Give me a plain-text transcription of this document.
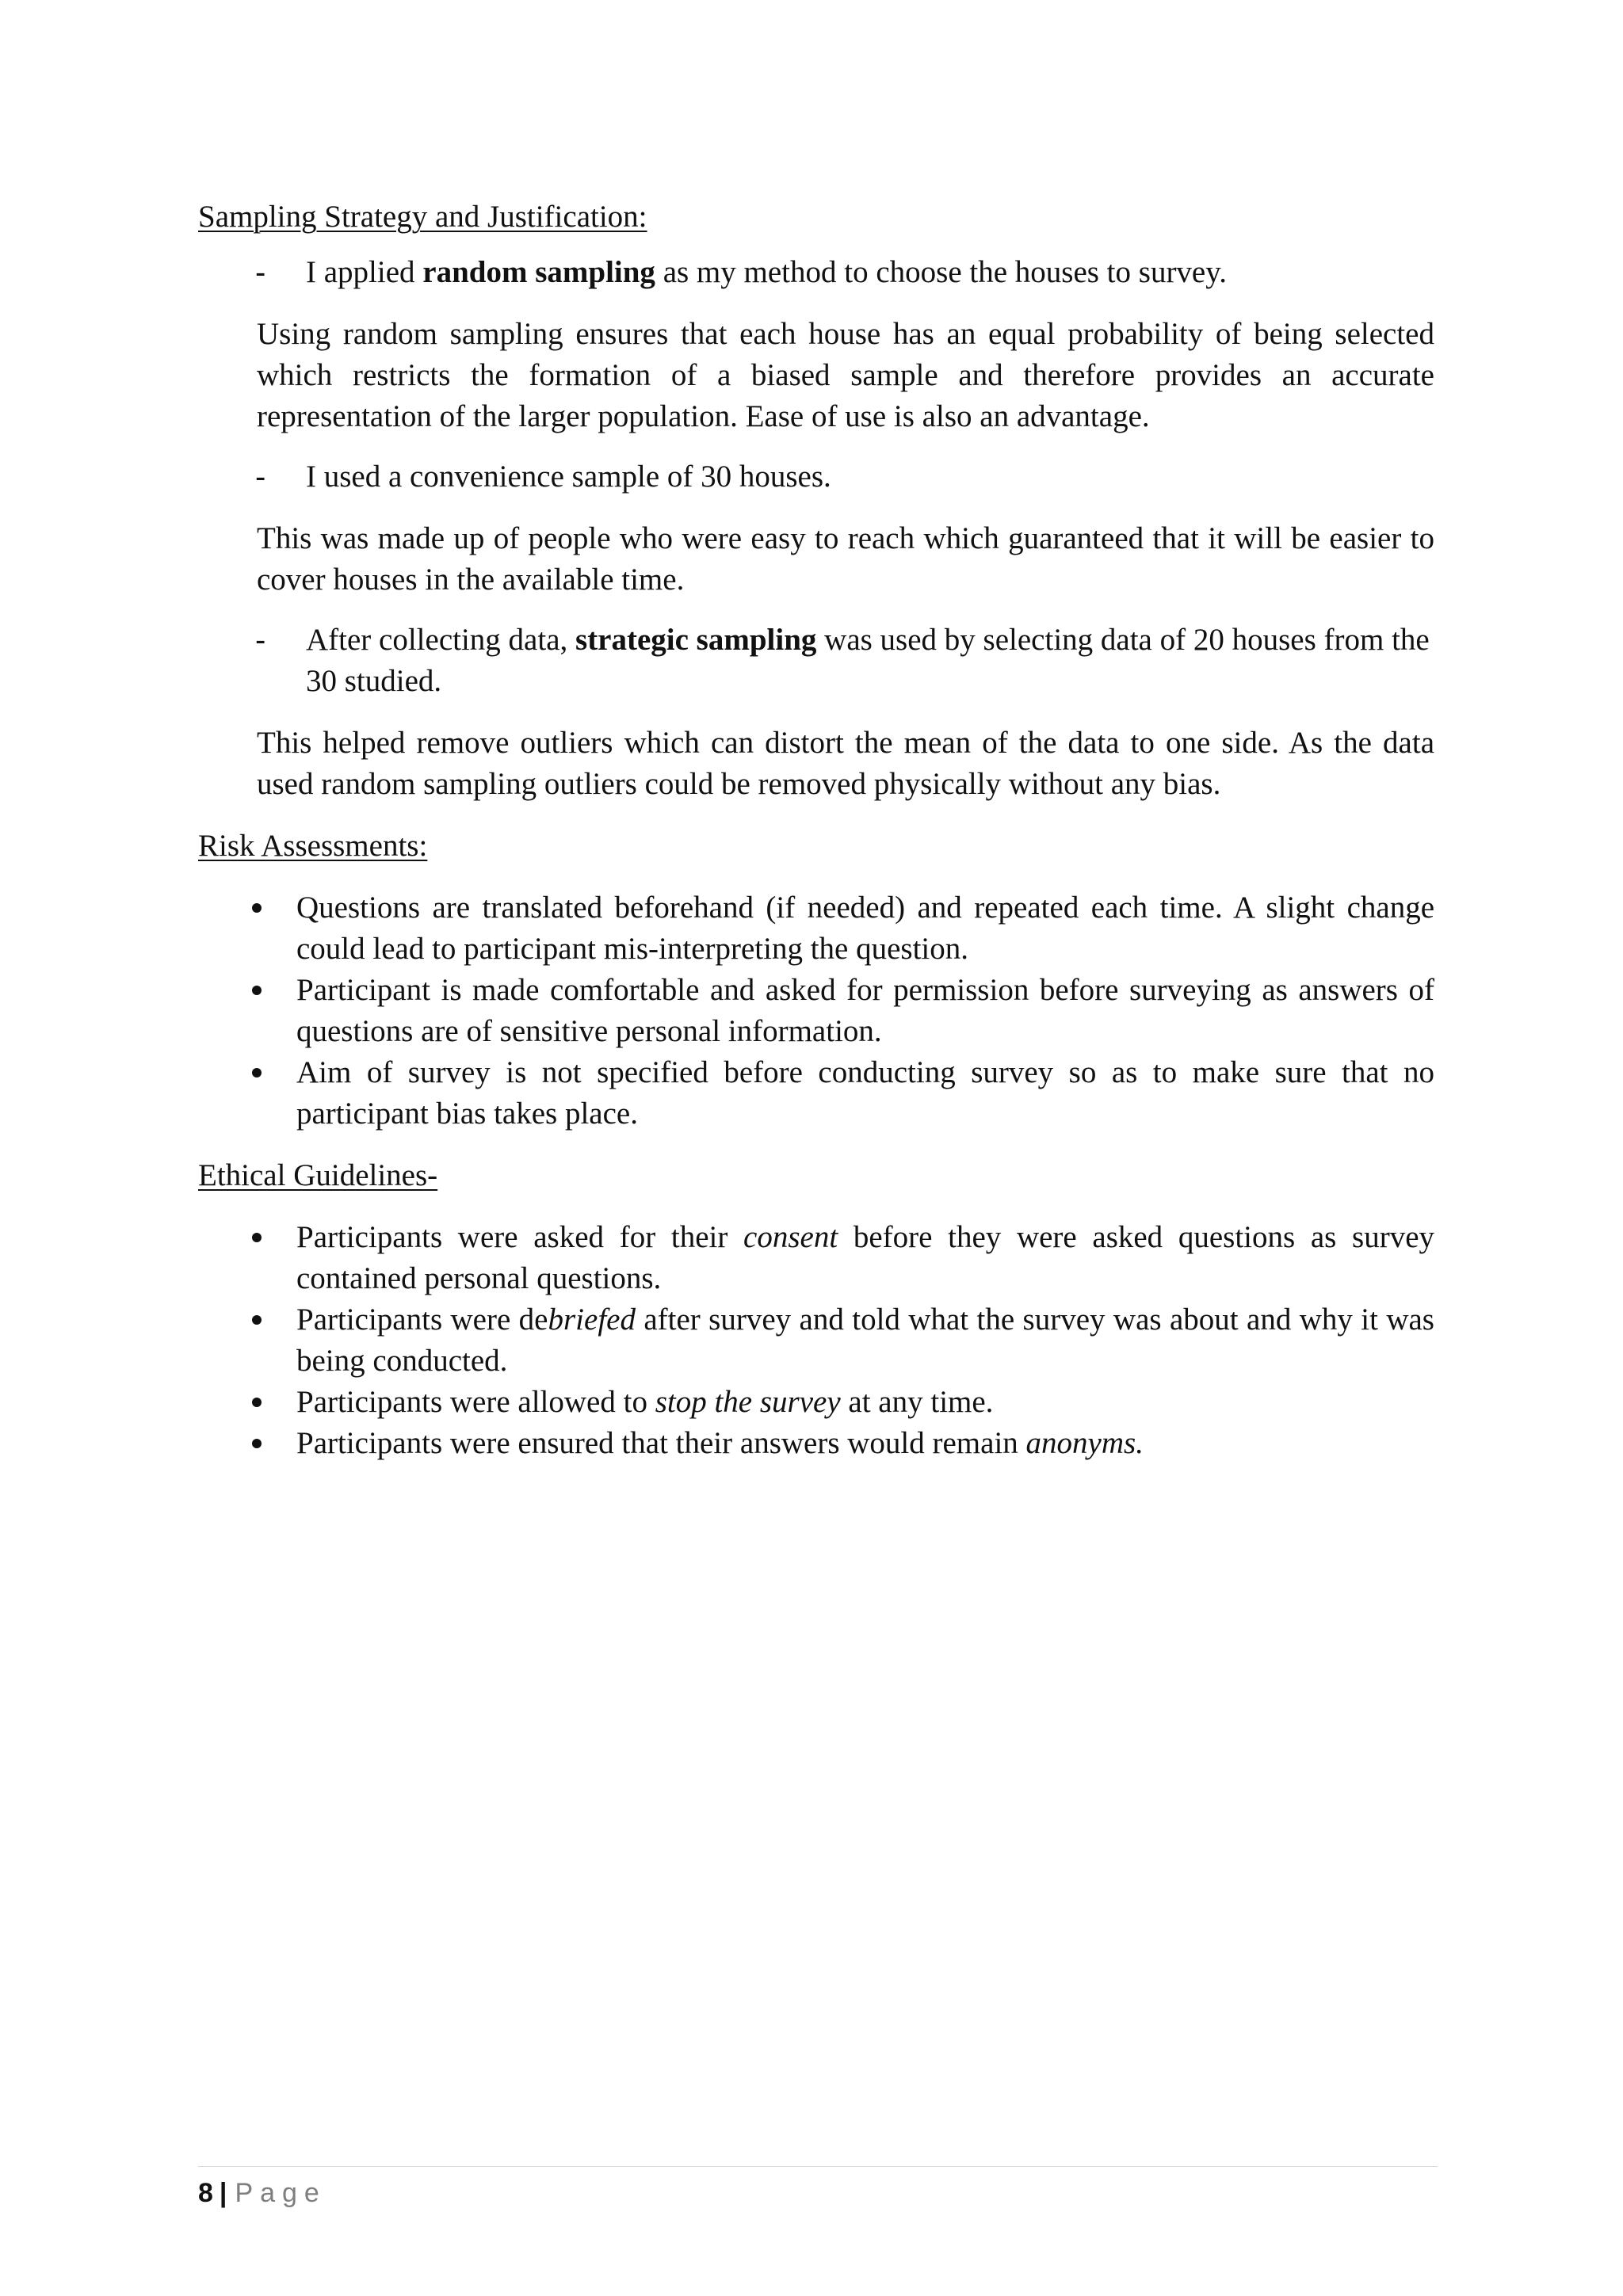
Sampling Strategy and Justification:

- I applied random sampling as my method to choose the houses to survey.

Using random sampling ensures that each house has an equal probability of being selected which restricts the formation of a biased sample and therefore provides an accurate representation of the larger population. Ease of use is also an advantage.

- I used a convenience sample of 30 houses.

This was made up of people who were easy to reach which guaranteed that it will be easier to cover houses in the available time.

- After collecting data, strategic sampling was used by selecting data of 20 houses from the 30 studied.

This helped remove outliers which can distort the mean of the data to one side. As the data used random sampling outliers could be removed physically without any bias.

Risk Assessments:

Questions are translated beforehand (if needed) and repeated each time. A slight change could lead to participant mis-interpreting the question.
Participant is made comfortable and asked for permission before surveying as answers of questions are of sensitive personal information.
Aim of survey is not specified before conducting survey so as to make sure that no participant bias takes place.

Ethical Guidelines-

Participants were asked for their consent before they were asked questions as survey contained personal questions.
Participants were debriefed after survey and told what the survey was about and why it was being conducted.
Participants were allowed to stop the survey at any time.
Participants were ensured that their answers would remain anonyms.
8 | Page
